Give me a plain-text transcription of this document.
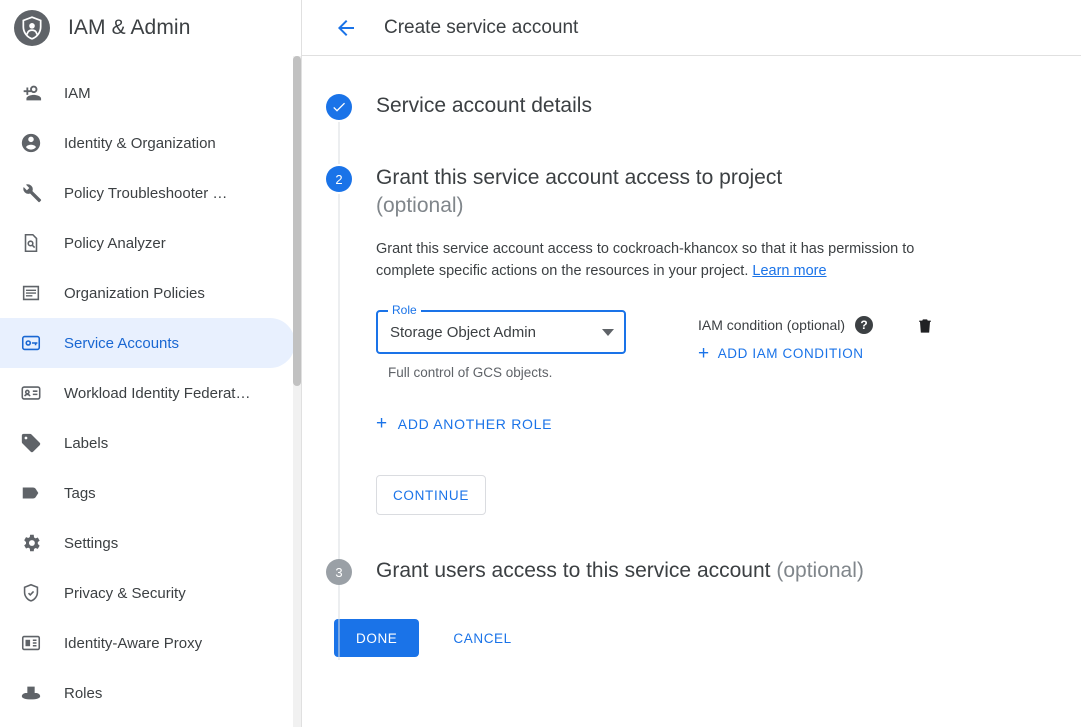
IAM & Admin
IAM
Identity & Organization
Policy Troubleshooter …
Policy Analyzer
Organization Policies
Service Accounts
Workload Identity Federat…
Labels
Tags
Settings
Privacy & Security
Identity-Aware Proxy
Roles
Create service account
Service account details
2	Grant this service account access to project
(optional)
Grant this service account access to cockroach-khancox so that it has permission to complete specific actions on the resources in your project. Learn more
Role
Storage Object Admin
Full control of GCS objects.
IAM condition (optional)	?
+ ADD IAM CONDITION
+ ADD ANOTHER ROLE
CONTINUE
3	Grant users access to this service account (optional)
DONE	CANCEL
